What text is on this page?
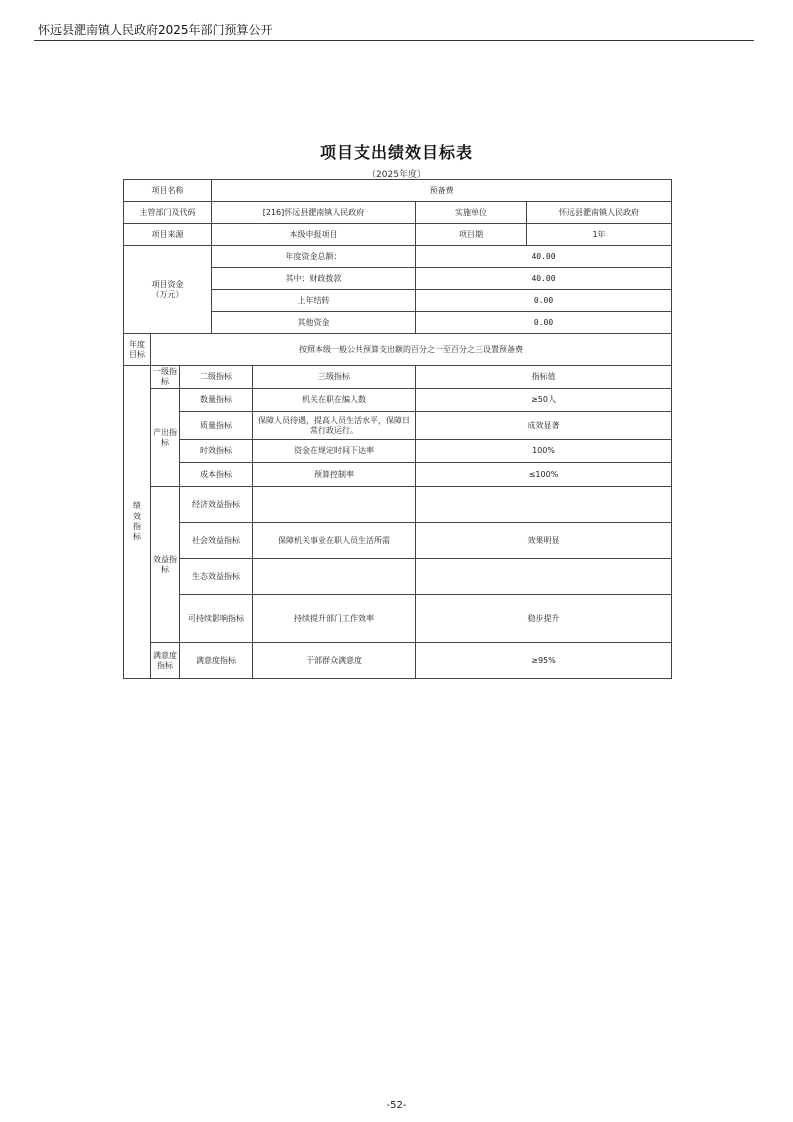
怀远县淝南镇人民政府2025年部门预算公开
项目支出绩效目标表
（2025年度）
项目名称			预备费			
主管部门及代码			[216]怀远县淝南镇人民政府		实施单位	怀远县淝南镇人民政府
项目来源			本级申报项目		项目期	1年
项目资金
（万元）			年度资金总额：		40.00	
			其中：财政拨款		40.00	
			上年结转		0.00	
			其他资金		0.00	
年度目标	按照本级一般公共预算支出额的百分之一至百分之三设置预备费					
绩效指标	一级指标	二级指标		三级指标	指标值	
	产出指标	数量指标		机关在职在编人数	≥50人	
		质量指标		保障人员待遇，提高人员生活水平，保障日常行政运行。	成效显著	
		时效指标		资金在规定时间下达率	100%	
		成本指标		预算控制率	≤100%	
	效益指标	经济效益指标				
		社会效益指标		保障机关事业在职人员生活所需	效果明显	
		生态效益指标				
		可持续影响指标		持续提升部门工作效率	稳步提升	
	满意度指标	满意度指标		干部群众满意度	≥95%	
-52-
